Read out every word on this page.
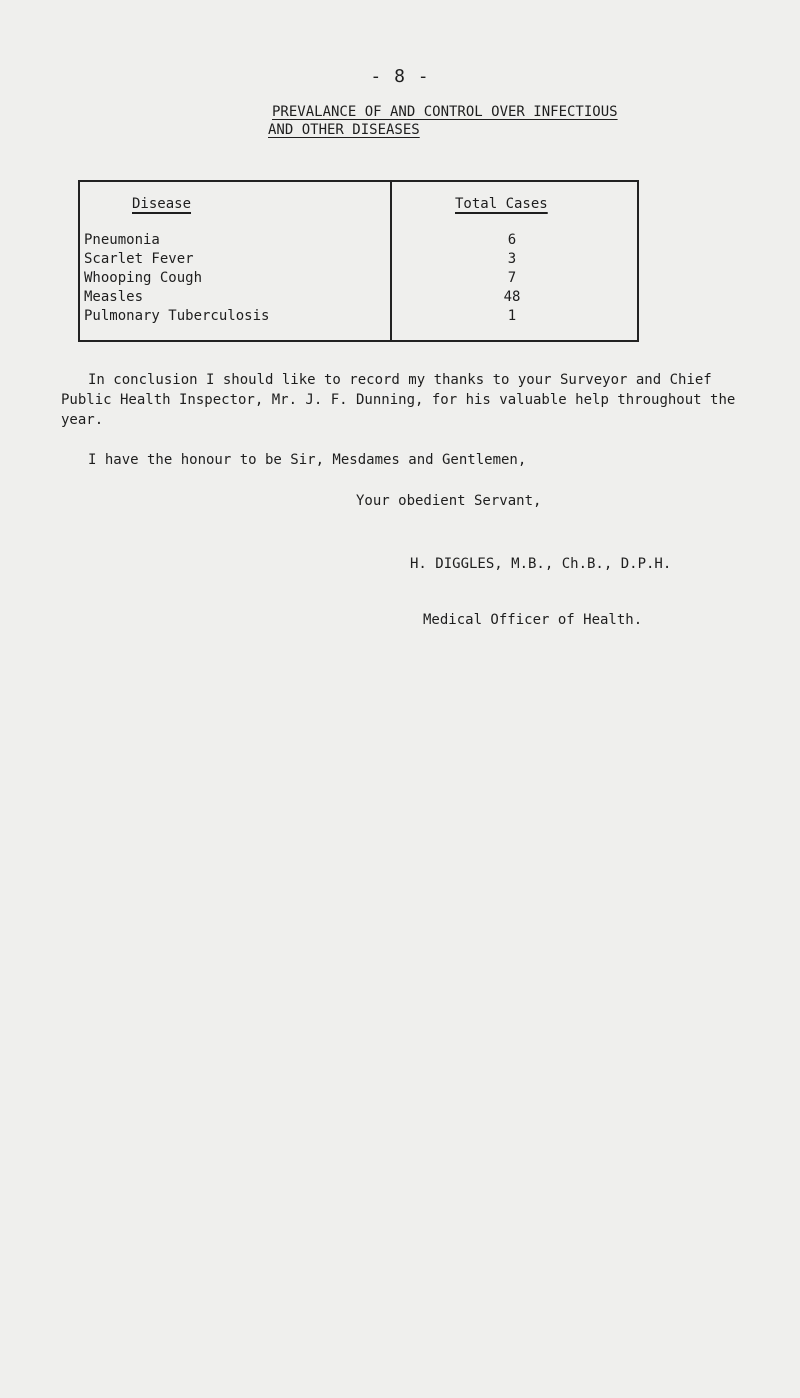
- 8 -
PREVALANCE OF AND CONTROL OVER INFECTIOUS
AND OTHER DISEASES
Disease	Total Cases
Pneumonia	6
Scarlet Fever	3
Whooping Cough	7
Measles	48
Pulmonary Tuberculosis	1
In conclusion I should like to record my thanks to your Surveyor and Chief Public Health Inspector, Mr. J. F. Dunning, for his valuable help throughout the year.
I have the honour to be Sir, Mesdames and Gentlemen,
Your obedient Servant,
H. DIGGLES, M.B., Ch.B., D.P.H.
Medical Officer of Health.
